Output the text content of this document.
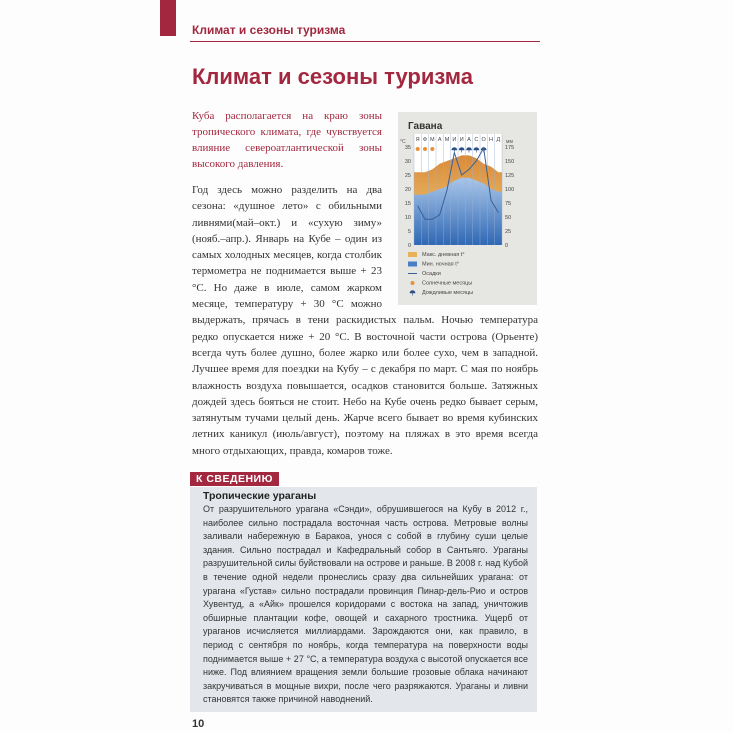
Климат и сезоны туризма
Климат и сезоны туризма

Куба располагается на краю зоны тропического климата, где чувствуется влияние североатлантической зоны высокого давления.

Год здесь можно разделить на два сезона: «душное лето» с обильными ливнями(май–окт.) и «сухую зиму» (нояб.–апр.). Январь на Кубе – один из самых холодных месяцев, когда столбик термометра не поднимается выше + 23 °С. Но даже в июле, самом жарком месяце, температуру + 30 °С можно выдержать, прячась в тени раскидистых пальм. Ночью температура редко опускается ниже + 20 °С. В восточной части острова (Орьенте) всегда чуть более душно, более жарко или более сухо, чем в западной. Лучшее время для поездки на Кубу – с декабря по март. С мая по ноябрь влажность воздуха повышается, осадков становится больше. Затяжных дождей здесь бояться не стоит. Небо на Кубе очень редко бывает серым, затянутым тучами целый день. Жарче всего бывает во время кубинских летних каникул (июль/август), поэтому на пляжах в это время всегда много отдыхающих, правда, комаров тоже.

К СВЕДЕНИЮ
Тропические ураганы
От разрушительного урагана «Сэнди», обрушившегося на Кубу в 2012 г., наиболее сильно пострадала восточная часть острова. Метровые волны заливали набережную в Баракоа, унося с собой в глубину суши целые здания. Сильно пострадал и Кафедральный собор в Сантьяго. Ураганы разрушительной силы буйствовали на острове и раньше. В 2008 г. над Кубой в течение одной недели пронеслись сразу два сильнейших урагана: от урагана «Густав» сильно пострадали провинция Пинар-дель-Рио и остров Хувентуд, а «Айк» прошелся коридорами с востока на запад, уничтожив обширные плантации кофе, овощей и сахарного тростника. Ущерб от ураганов исчисляется миллиардами. Зарождаются они, как правило, в период с сентября по ноябрь, когда температура на поверхности воды поднимается выше + 27 °С, а температура воздуха с высотой опускается все ниже. Под влиянием вращения земли большие грозовые облака начинают закручиваться в мощные вихри, после чего разряжаются. Ураганы и ливни становятся также причиной наводнений.
10
Гавана
°C	мм
Я Ф М А М И И А С О Н Д
0
5
10
15
20
25
30
35
0
25
50
75
100
125
150
175
Макс. дневная t°
Мин. ночная t°
Осадки
Солнечные месяцы
Дождливые месяцы
